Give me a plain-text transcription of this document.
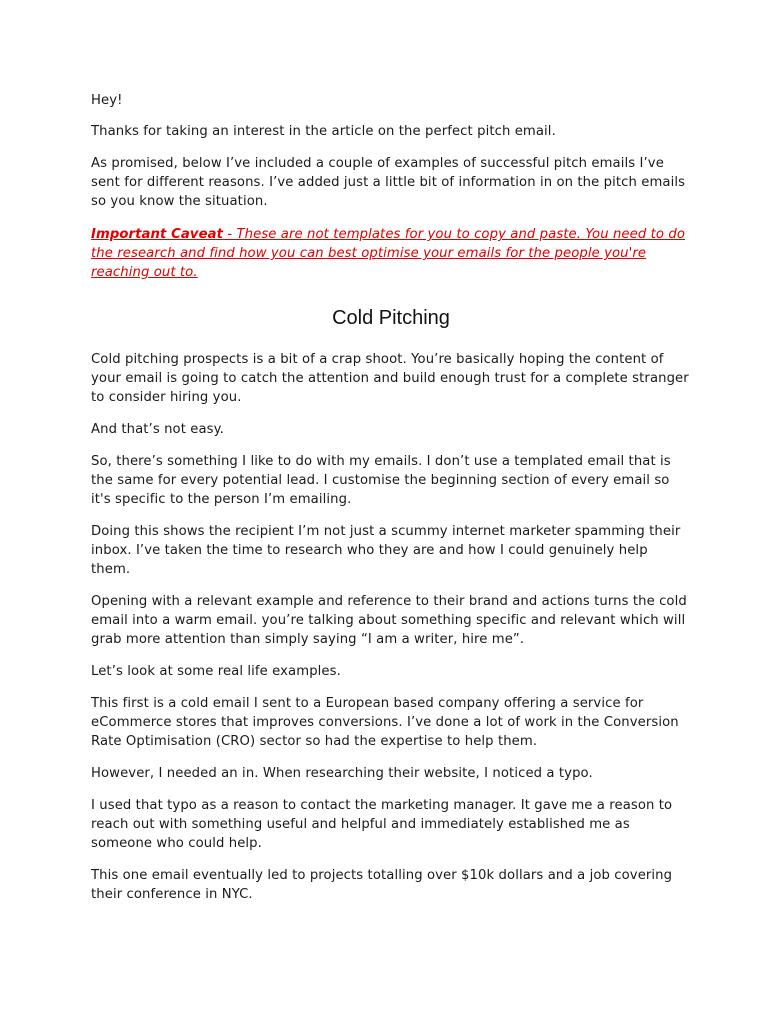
Hey!

Thanks for taking an interest in the article on the perfect pitch email.

As promised, below I’ve included a couple of examples of successful pitch emails I’ve sent for different reasons. I’ve added just a little bit of information in on the pitch emails so you know the situation.

Important Caveat - These are not templates for you to copy and paste. You need to do the research and find how you can best optimise your emails for the people you're reaching out to.

Cold Pitching

Cold pitching prospects is a bit of a crap shoot. You’re basically hoping the content of your email is going to catch the attention and build enough trust for a complete stranger to consider hiring you.

And that’s not easy.

So, there’s something I like to do with my emails. I don’t use a templated email that is the same for every potential lead. I customise the beginning section of every email so it's specific to the person I’m emailing.

Doing this shows the recipient I’m not just a scummy internet marketer spamming their inbox. I’ve taken the time to research who they are and how I could genuinely help them.

Opening with a relevant example and reference to their brand and actions turns the cold email into a warm email. you’re talking about something specific and relevant which will grab more attention than simply saying “I am a writer, hire me”.

Let’s look at some real life examples.

This first is a cold email I sent to a European based company offering a service for eCommerce stores that improves conversions. I’ve done a lot of work in the Conversion Rate Optimisation (CRO) sector so had the expertise to help them.

However, I needed an in. When researching their website, I noticed a typo.

I used that typo as a reason to contact the marketing manager. It gave me a reason to reach out with something useful and helpful and immediately established me as someone who could help.

This one email eventually led to projects totalling over $10k dollars and a job covering their conference in NYC.
